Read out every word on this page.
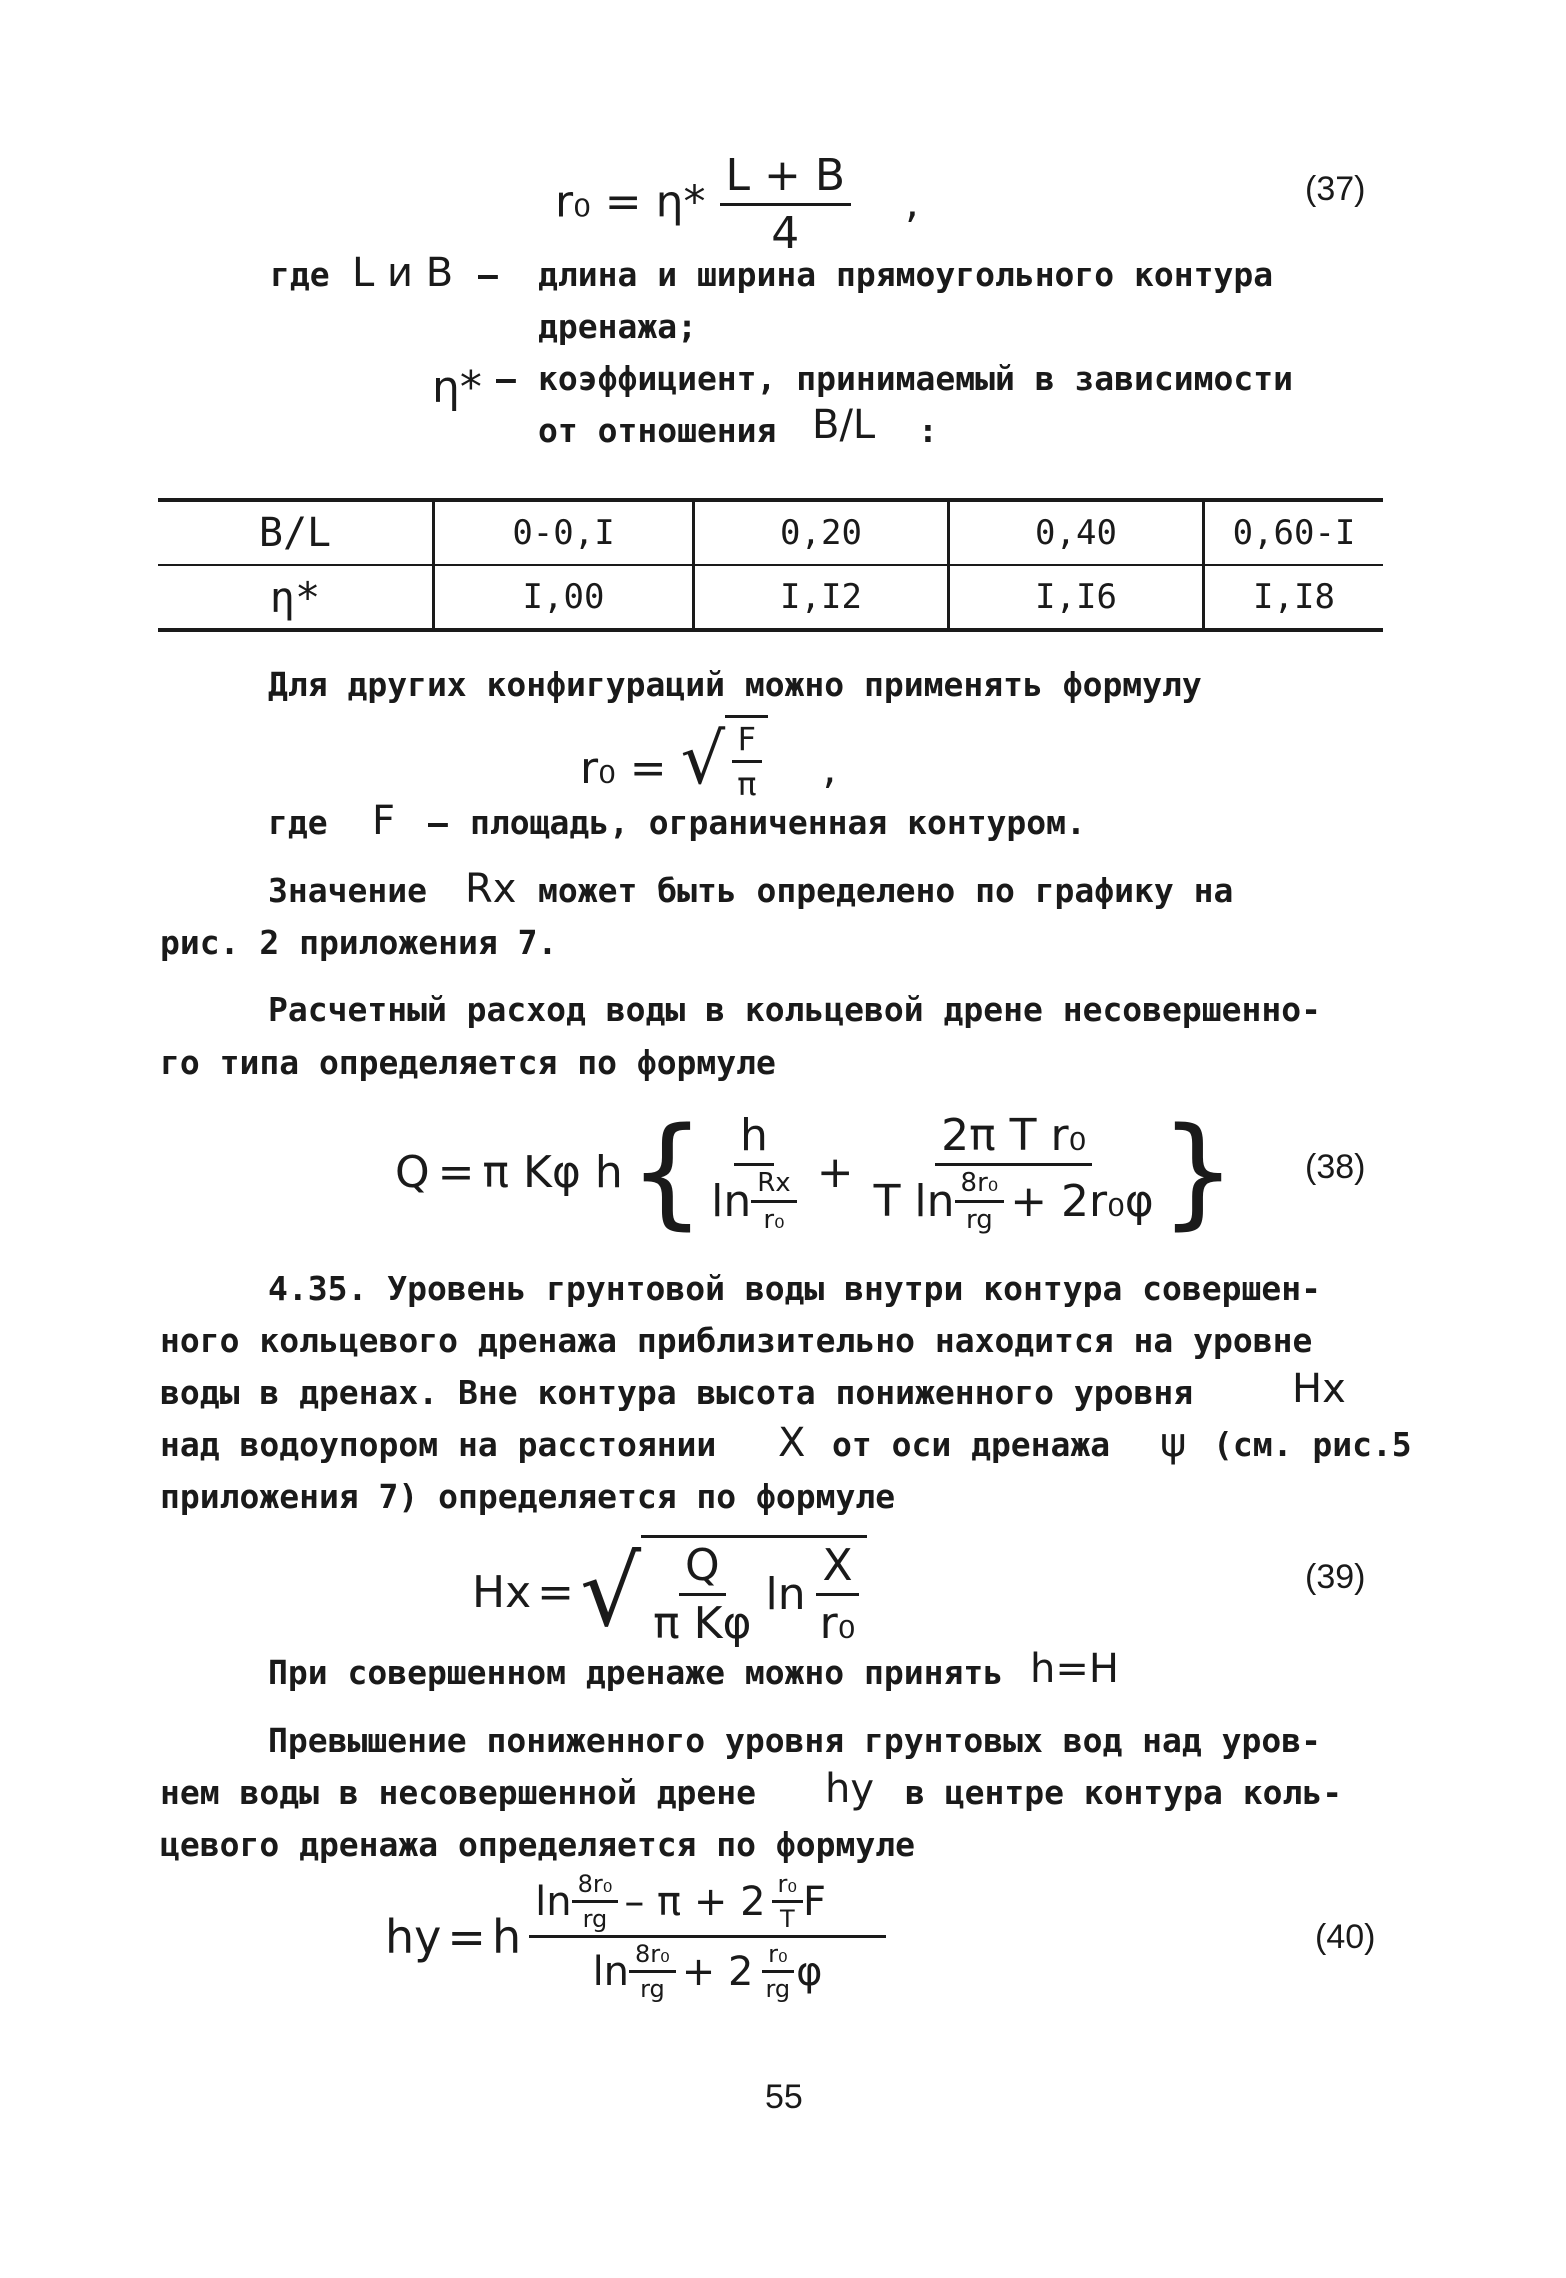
$r_0 = \eta* \frac{L + B}{4}$ ,	(37)
где L и B – длина и ширина прямоугольного контура
дренажа;
η* – коэффициент, принимаемый в зависимости
от отношения B/L :
B/L	0-0,I	0,20	0,40	0,60-I
η*	I,00	I,I2	I,I6	I,I8
Для других конфигураций можно применять формулу
r₀ = √ $\frac{F}{\pi}$ ,
где F – площадь, ограниченная контуром.
Значение Rx может быть определено по графику на
рис. 2 приложения 7.
Расчетный расход воды в кольцевой дрене несовершенно-
го типа определяется по формуле
Q = π Kφ h { $\frac{h}{\ln \frac{Rx}{\text{r₀}}} + \frac{\text{2π T r₀}}{T \ln \frac{\text{8r₀}}{rg} + 2r_0\varphi}$ } (38)
4.35. Уровень грунтовой воды внутри контура совершен-
ного кольцевого дренажа приблизительно находится на уровне
воды в дренах. Вне контура высота пониженного уровня Hx
над водоупором на расстоянии X от оси дренажа ψ (см. рис.5
приложения 7) определяется по формуле
Hx = √ $\frac{Q}{\text{π Kφ}}$ $\ln \frac{X}{\text{r₀}}$	(39)
При совершенном дренаже можно принять h=H
Превышение пониженного уровня грунтовых вод над уров-
нем воды в несовершенной дрене hy в центре контура коль-
цевого дренажа определяется по формуле
hy = h
$\ln \frac{\text{8r₀}}{rg} - \pi + 2 \frac{\text{r₀}}{T}$ F
$\ln \frac{\text{8r₀}}{rg} + 2 \frac{\text{r₀}}{rg}$ φ
(40)
55
